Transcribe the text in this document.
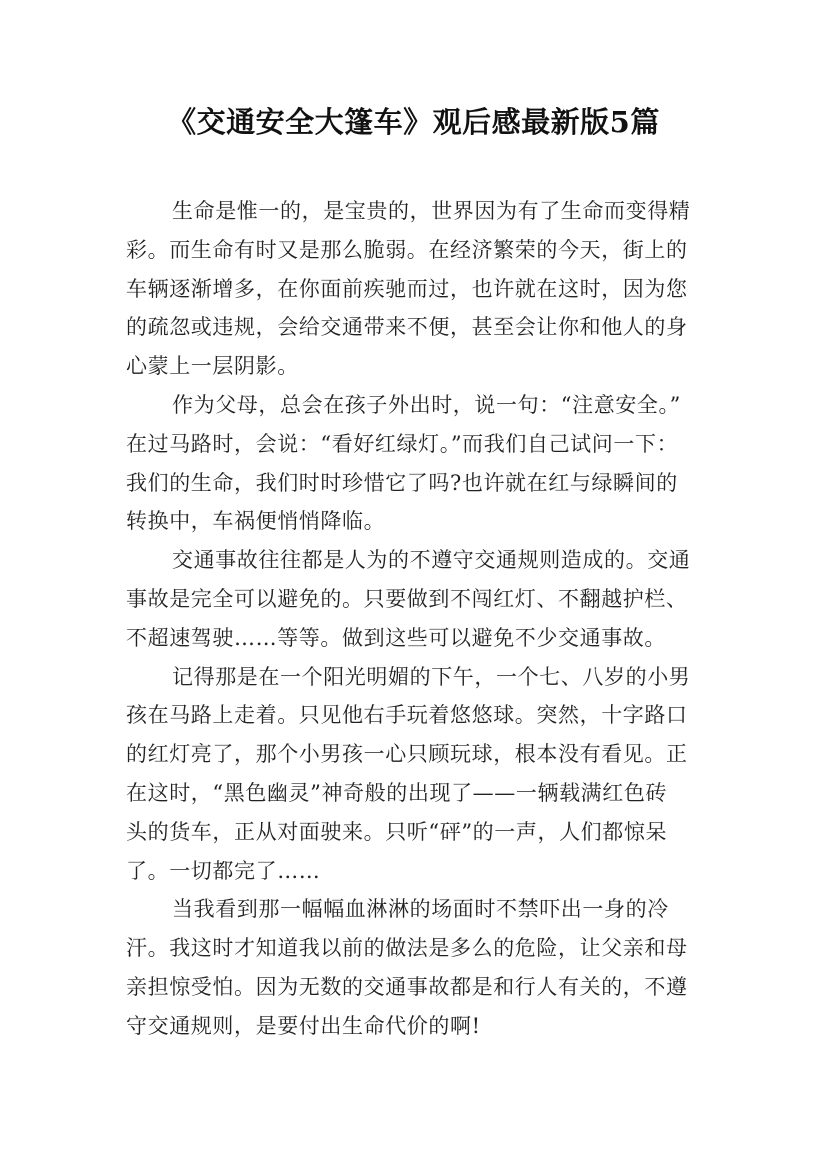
《交通安全大篷车》观后感最新版5篇
生命是惟一的，是宝贵的，世界因为有了生命而变得精
彩。而生命有时又是那么脆弱。在经济繁荣的今天，街上的
车辆逐渐增多，在你面前疾驰而过，也许就在这时，因为您
的疏忽或违规，会给交通带来不便，甚至会让你和他人的身
心蒙上一层阴影。
作为父母，总会在孩子外出时，说一句：“注意安全。”
在过马路时，会说：“看好红绿灯。”而我们自己试问一下：
我们的生命，我们时时珍惜它了吗?也许就在红与绿瞬间的
转换中，车祸便悄悄降临。
交通事故往往都是人为的不遵守交通规则造成的。交通
事故是完全可以避免的。只要做到不闯红灯、不翻越护栏、
不超速驾驶……等等。做到这些可以避免不少交通事故。
记得那是在一个阳光明媚的下午，一个七、八岁的小男
孩在马路上走着。只见他右手玩着悠悠球。突然，十字路口
的红灯亮了，那个小男孩一心只顾玩球，根本没有看见。正
在这时，“黑色幽灵”神奇般的出现了——一辆载满红色砖
头的货车，正从对面驶来。只听“砰”的一声，人们都惊呆
了。一切都完了……
当我看到那一幅幅血淋淋的场面时不禁吓出一身的冷
汗。我这时才知道我以前的做法是多么的危险，让父亲和母
亲担惊受怕。因为无数的交通事故都是和行人有关的，不遵
守交通规则，是要付出生命代价的啊!
